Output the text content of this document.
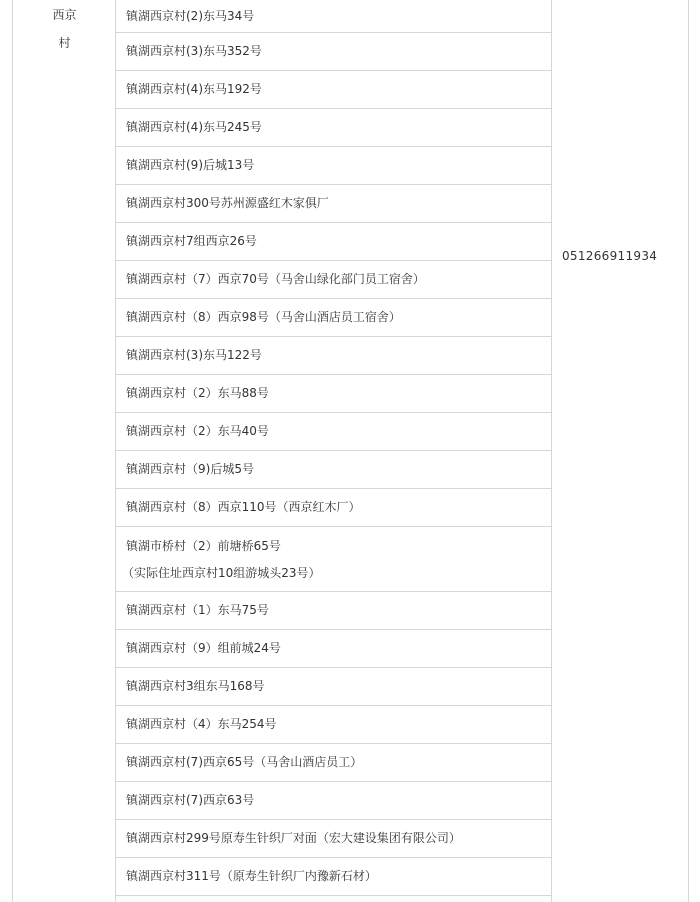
西京
村
镇湖西京村(2)东马34号
镇湖西京村(3)东马352号
镇湖西京村(4)东马192号
镇湖西京村(4)东马245号
镇湖西京村(9)后城13号
镇湖西京村300号苏州源盛红木家俱厂
镇湖西京村7组西京26号
镇湖西京村（7）西京70号（马舍山绿化部门员工宿舍）
镇湖西京村（8）西京98号（马舍山酒店员工宿舍）
镇湖西京村(3)东马122号
镇湖西京村（2）东马88号
镇湖西京村（2）东马40号
镇湖西京村（9)后城5号
镇湖西京村（8）西京110号（西京红木厂）
镇湖市桥村（2）前塘桥65号
（实际住址西京村10组游城头23号）
镇湖西京村（1）东马75号
镇湖西京村（9）组前城24号
镇湖西京村3组东马168号
镇湖西京村（4）东马254号
镇湖西京村(7)西京65号（马舍山酒店员工）
镇湖西京村(7)西京63号
镇湖西京村299号原寿生针织厂对面（宏大建设集团有限公司）
镇湖西京村311号（原寿生针织厂内豫新石材）
051266911934
